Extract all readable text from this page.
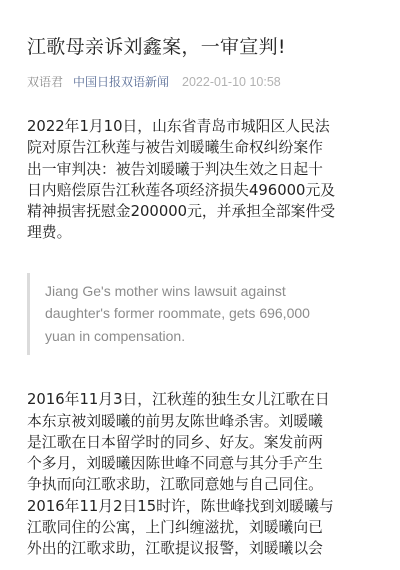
江歌母亲诉刘鑫案，一审宣判!
双语君 中国日报双语新闻 2022-01-10 10:58

2022年1月10日，山东省青岛市城阳区人民法
院对原告江秋莲与被告刘暖曦生命权纠纷案作
出一审判决：被告刘暖曦于判决生效之日起十
日内赔偿原告江秋莲各项经济损失496000元及
精神损害抚慰金200000元，并承担全部案件受
理费。

Jiang Ge's mother wins lawsuit against
daughter's former roommate, gets 696,000
yuan in compensation.

2016年11月3日，江秋莲的独生女儿江歌在日
本东京被刘暖曦的前男友陈世峰杀害。刘暖曦
是江歌在日本留学时的同乡、好友。案发前两
个多月，刘暖曦因陈世峰不同意与其分手产生
争执而向江歌求助，江歌同意她与自己同住。
2016年11月2日15时许，陈世峰找到刘暖曦与
江歌同住的公寓，上门纠缠滋扰，刘暖曦向已
外出的江歌求助，江歌提议报警，刘暖曦以会
